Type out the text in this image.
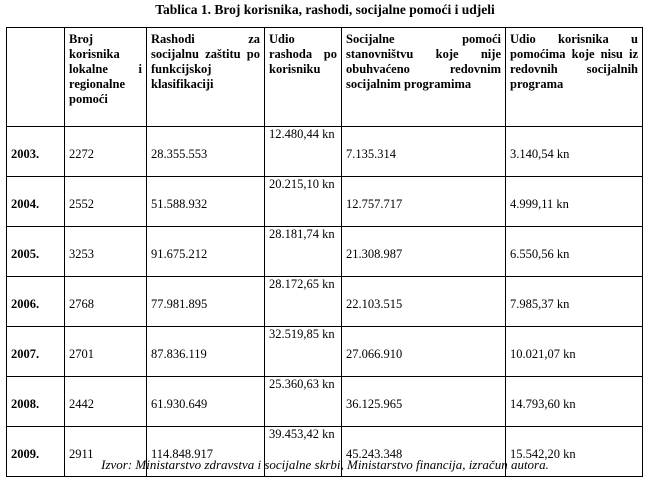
Tablica 1. Broj korisnika, rashodi, socijalne pomoći i udjeli
	Broj korisnika lokalne i regionalne pomoći	Rashodi za socijalnu zaštitu po funkcijskoj klasifikaciji	Udio rashoda po korisniku	Socijalne pomoći stanovništvu koje nije obuhvaćeno redovnim socijalnim programima	Udio korisnika u pomoćima koje nisu iz redovnih socijalnih programa
2003.	2272	28.355.553	12.480,44 kn	7.135.314	3.140,54 kn
2004.	2552	51.588.932	20.215,10 kn	12.757.717	4.999,11 kn
2005.	3253	91.675.212	28.181,74 kn	21.308.987	6.550,56 kn
2006.	2768	77.981.895	28.172,65 kn	22.103.515	7.985,37 kn
2007.	2701	87.836.119	32.519,85 kn	27.066.910	10.021,07 kn
2008.	2442	61.930.649	25.360,63 kn	36.125.965	14.793,60 kn
2009.	2911	114.848.917	39.453,42 kn	45.243.348	15.542,20 kn
Izvor: Ministarstvo zdravstva i socijalne skrbi, Ministarstvo financija, izračun autora.
